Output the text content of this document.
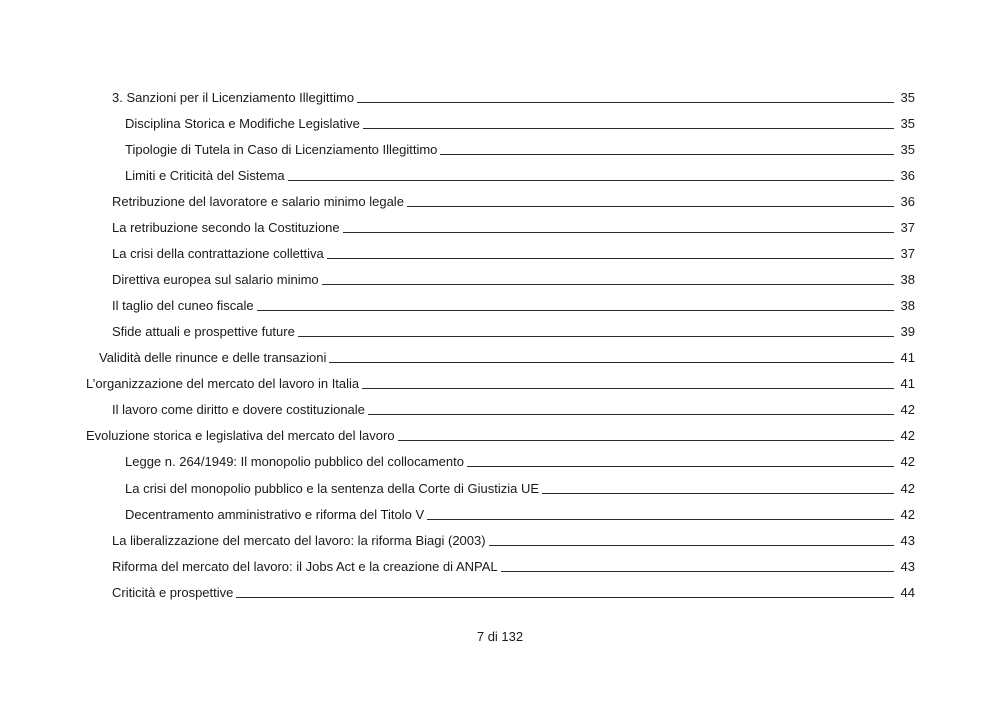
3. Sanzioni per il Licenziamento Illegittimo	35
Disciplina Storica e Modifiche Legislative	35
Tipologie di Tutela in Caso di Licenziamento Illegittimo	35
Limiti e Criticità del Sistema	36
Retribuzione del lavoratore e salario minimo legale	36
La retribuzione secondo la Costituzione	37
La crisi della contrattazione collettiva	37
Direttiva europea sul salario minimo	38
Il taglio del cuneo fiscale	38
Sfide attuali e prospettive future	39
Validità delle rinunce e delle transazioni	41
L’organizzazione del mercato del lavoro in Italia	41
Il lavoro come diritto e dovere costituzionale	42
Evoluzione storica e legislativa del mercato del lavoro	42
Legge n. 264/1949: Il monopolio pubblico del collocamento	42
La crisi del monopolio pubblico e la sentenza della Corte di Giustizia UE	42
Decentramento amministrativo e riforma del Titolo V	42
La liberalizzazione del mercato del lavoro: la riforma Biagi (2003)	43
Riforma del mercato del lavoro: il Jobs Act e la creazione di ANPAL	43
Criticità e prospettive	44
7 di 132
